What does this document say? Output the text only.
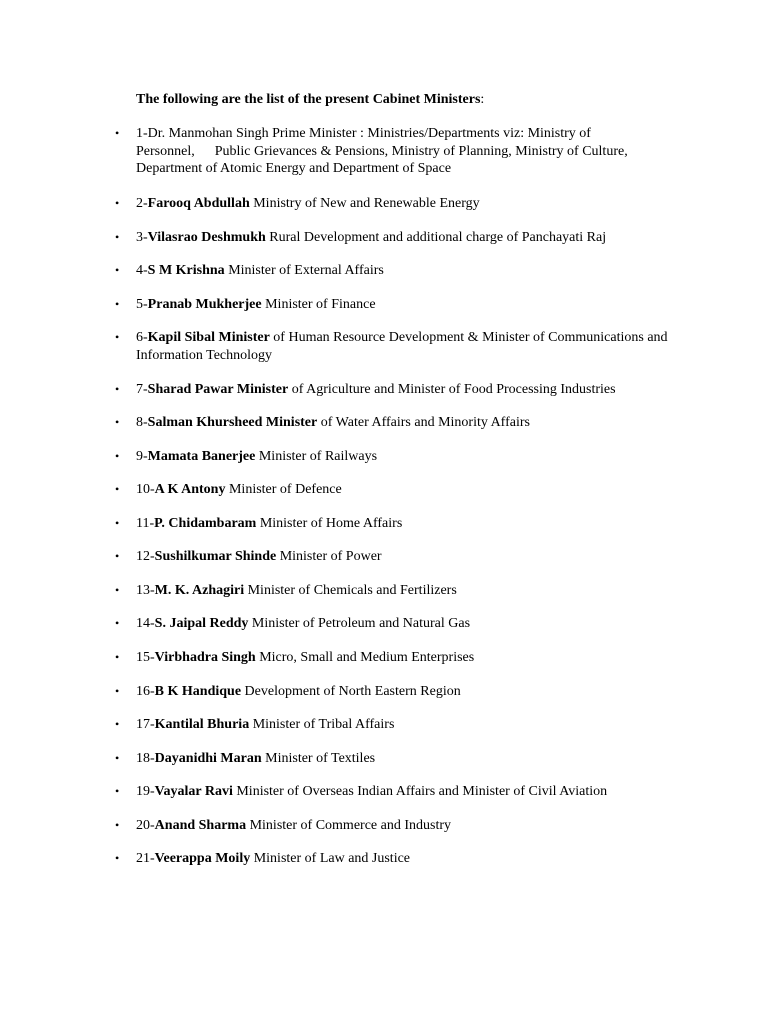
The following are the list of the present Cabinet Ministers:
• 1-Dr. Manmohan Singh Prime Minister : Ministries/Departments viz: Ministry of
Personnel, Public Grievances & Pensions, Ministry of Planning, Ministry of Culture,
Department of Atomic Energy and Department of Space
• 2-Farooq Abdullah Ministry of New and Renewable Energy
• 3-Vilasrao Deshmukh Rural Development and additional charge of Panchayati Raj
• 4-S M Krishna Minister of External Affairs
• 5-Pranab Mukherjee Minister of Finance
• 6-Kapil Sibal Minister of Human Resource Development & Minister of Communications and Information Technology
• 7-Sharad Pawar Minister of Agriculture and Minister of Food Processing Industries
• 8-Salman Khursheed Minister of Water Affairs and Minority Affairs
• 9-Mamata Banerjee Minister of Railways
• 10-A K Antony Minister of Defence
• 11-P. Chidambaram Minister of Home Affairs
• 12-Sushilkumar Shinde Minister of Power
• 13-M. K. Azhagiri Minister of Chemicals and Fertilizers
• 14-S. Jaipal Reddy Minister of Petroleum and Natural Gas
• 15-Virbhadra Singh Micro, Small and Medium Enterprises
• 16-B K Handique Development of North Eastern Region
• 17-Kantilal Bhuria Minister of Tribal Affairs
• 18-Dayanidhi Maran Minister of Textiles
• 19-Vayalar Ravi Minister of Overseas Indian Affairs and Minister of Civil Aviation
• 20-Anand Sharma Minister of Commerce and Industry
• 21-Veerappa Moily Minister of Law and Justice
